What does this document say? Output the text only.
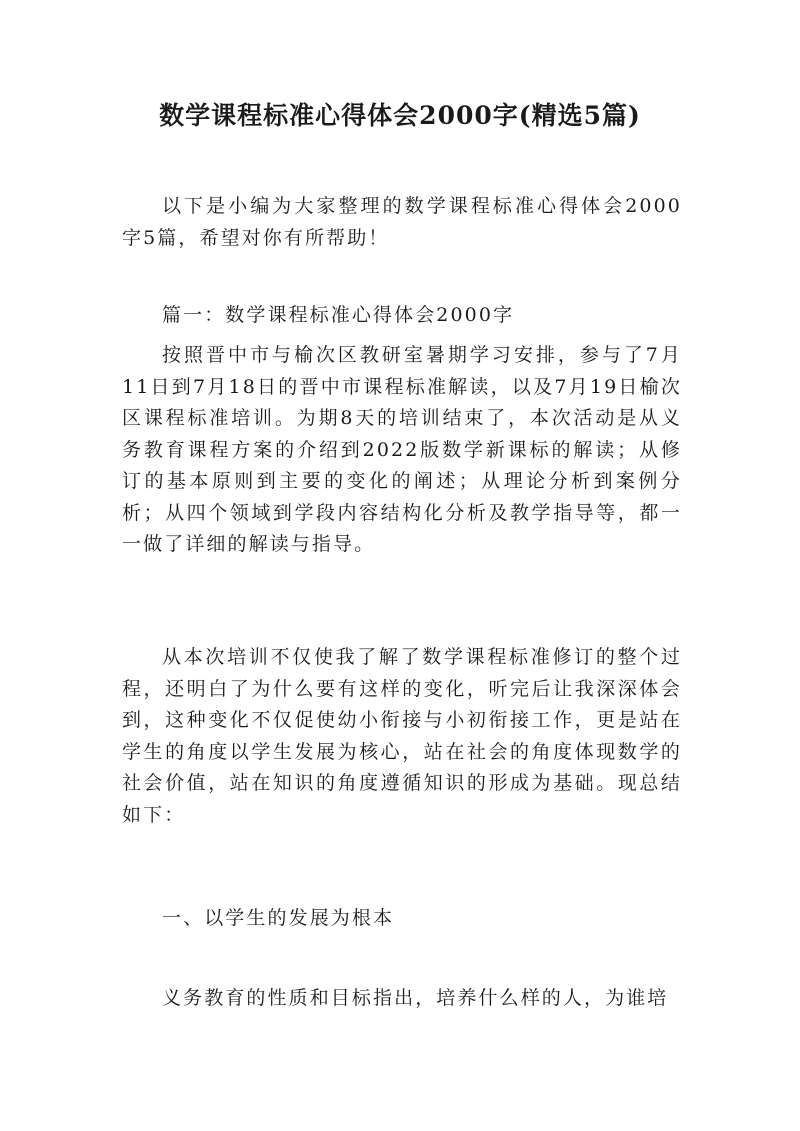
数学课程标准心得体会2000字(精选5篇)
以下是小编为大家整理的数学课程标准心得体会2000字5篇，希望对你有所帮助！
篇一：数学课程标准心得体会2000字
按照晋中市与榆次区教研室暑期学习安排，参与了7月11日到7月18日的晋中市课程标准解读，以及7月19日榆次区课程标准培训。为期8天的培训结束了，本次活动是从义务教育课程方案的介绍到2022版数学新课标的解读；从修订的基本原则到主要的变化的阐述；从理论分析到案例分析；从四个领域到学段内容结构化分析及教学指导等，都一一做了详细的解读与指导。
从本次培训不仅使我了解了数学课程标准修订的整个过程，还明白了为什么要有这样的变化，听完后让我深深体会到，这种变化不仅促使幼小衔接与小初衔接工作，更是站在学生的角度以学生发展为核心，站在社会的角度体现数学的社会价值，站在知识的角度遵循知识的形成为基础。现总结如下：
一、以学生的发展为根本
义务教育的性质和目标指出，培养什么样的人，为谁培
